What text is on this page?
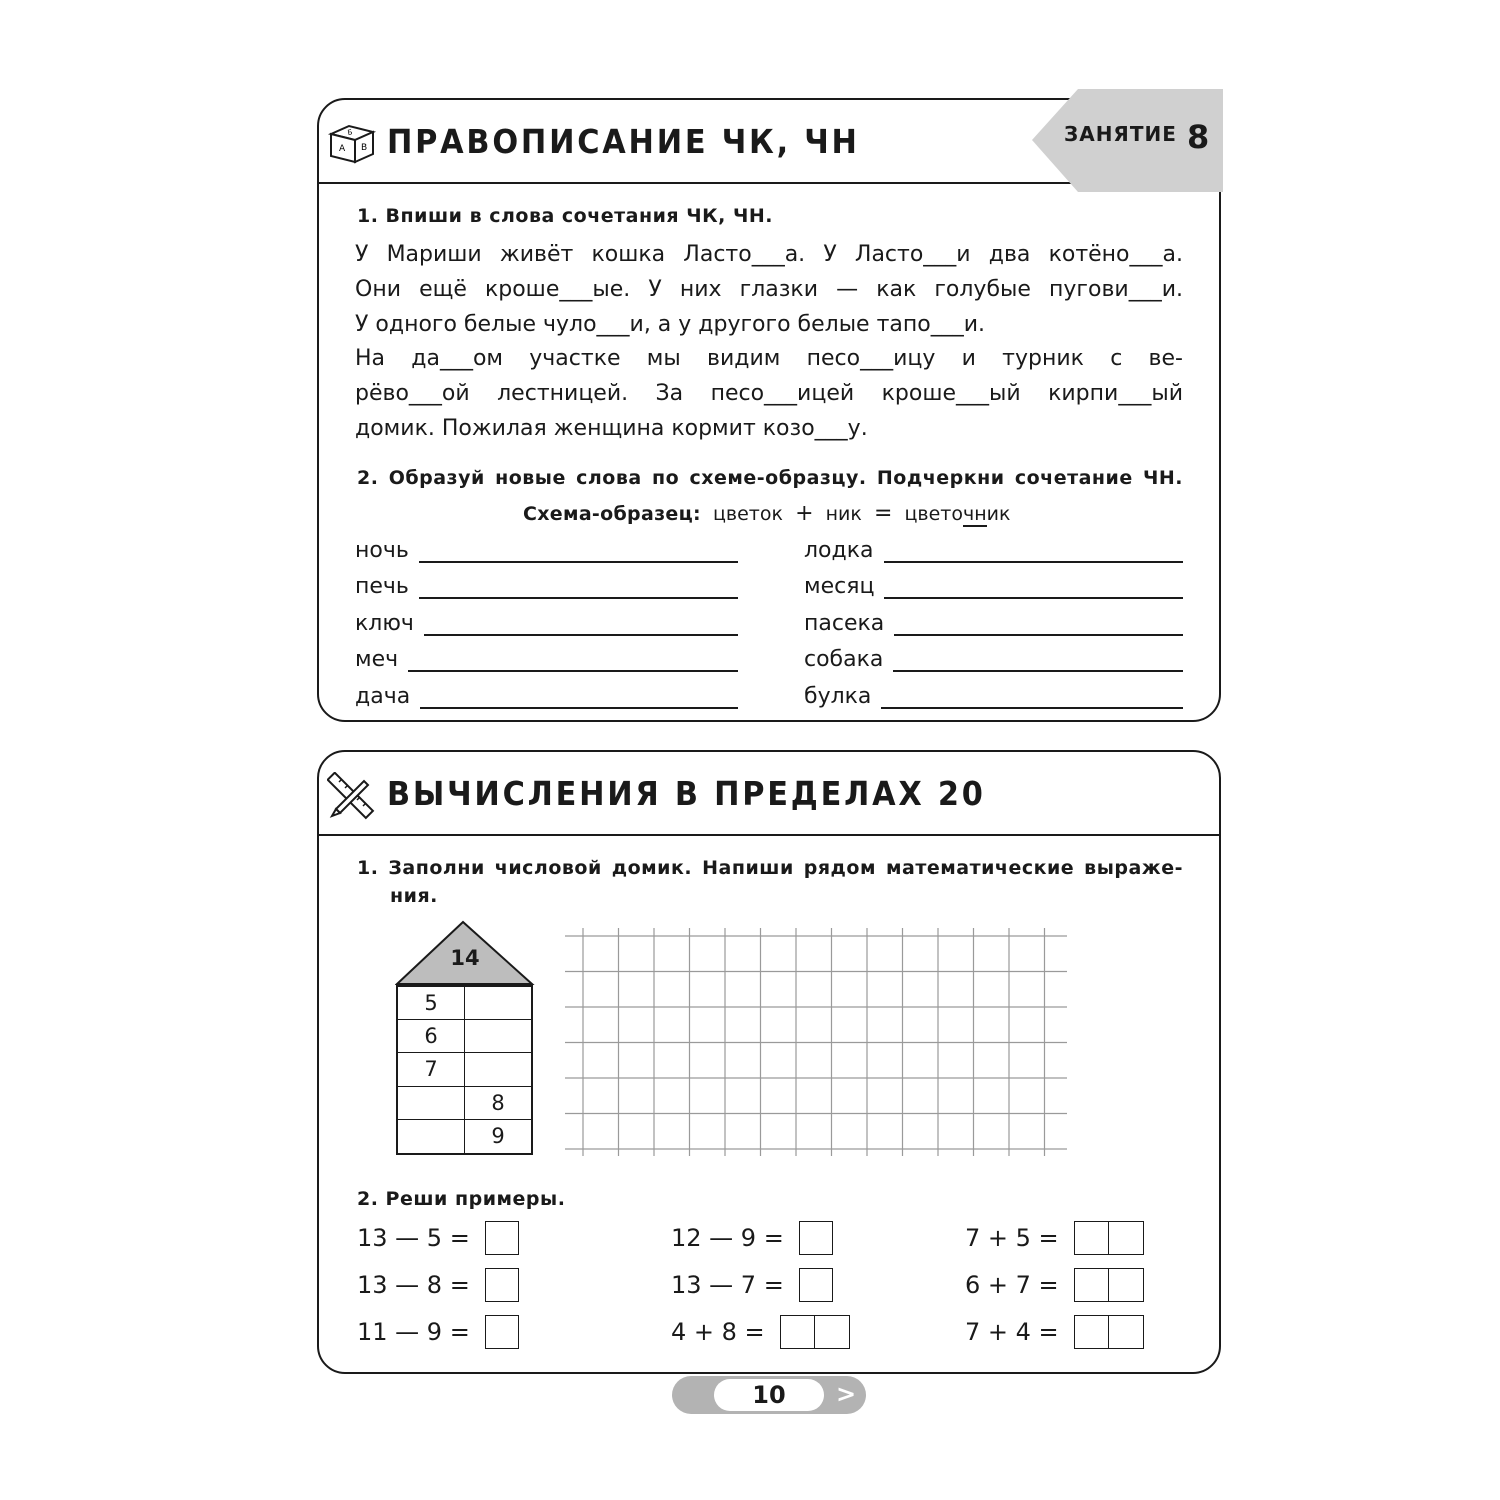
Б
А В ПРАВОПИСАНИЕ ЧК, ЧН	ЗАНЯТИЕ 8
1. Впиши в слова сочетания ЧК, ЧН.
У Мариши живёт кошка Ласто___а. У Ласто___и два котёно___а.
Они ещё кроше___ые. У них глазки — как голубые пугови___и.
У одного белые чуло___и, а у другого белые тапо___и.
На да___ом участке мы видим песо___ицу и турник с ве-
рёво___ой лестницей. За песо___ицей кроше___ый кирпи___ый
домик. Пожилая женщина кормит козо___у.
2. Образуй новые слова по схеме-образцу. Подчеркни сочетание ЧН.
Схема-образец: цветок + ник = цветочник
ночь
печь
ключ
меч
дача
лодка
месяц
пасека
собака
булка
ВЫЧИСЛЕНИЯ В ПРЕДЕЛАХ 20
1. Заполни числовой домик. Напиши рядом математические выраже-
ния.
14
5
6
7
8
9
2. Реши примеры.
13 — 5 =

13 — 8 =

11 — 9 =

12 — 9 =

13 — 7 =

4 + 8 =

7 + 5 =

6 + 7 =

7 + 4 =

10	>
